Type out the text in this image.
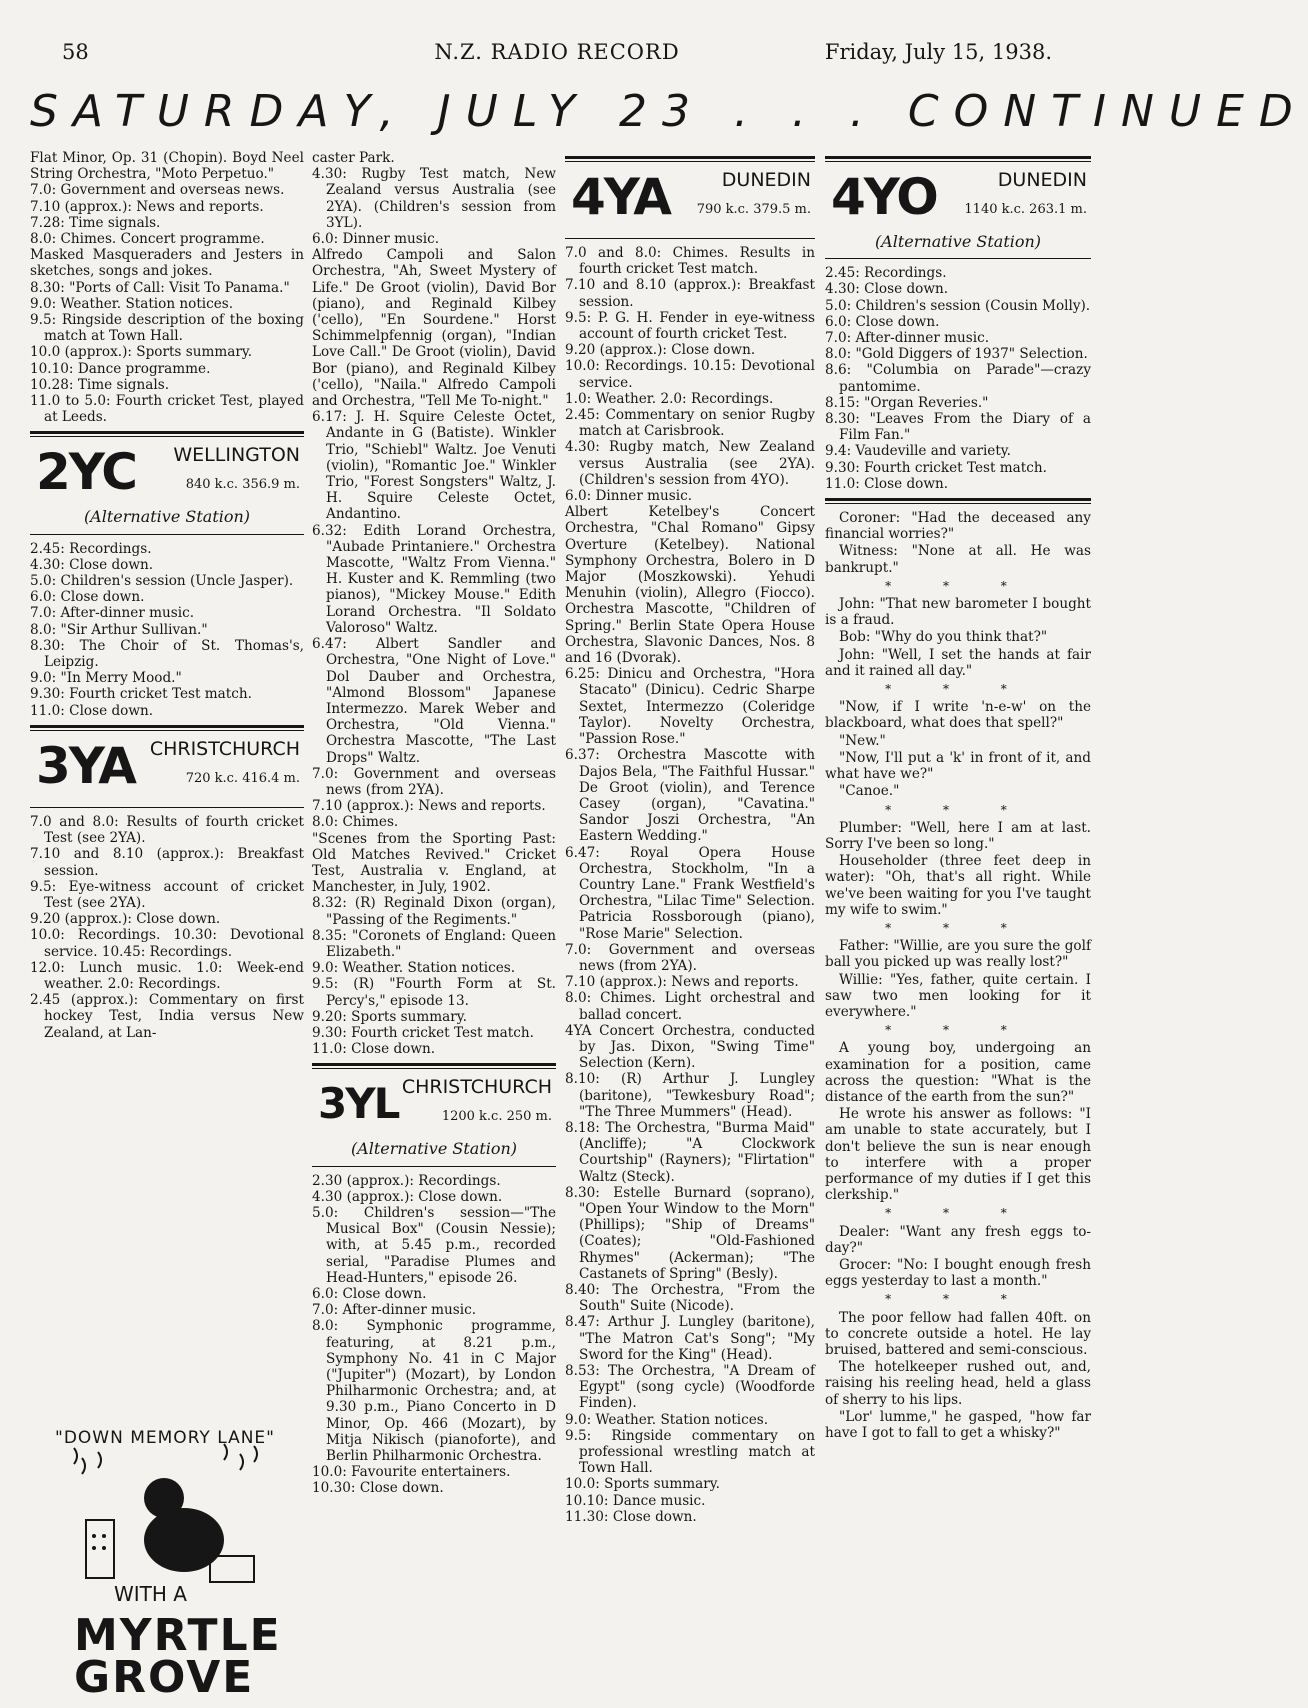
58	N.Z. RADIO RECORD	Friday, July 15, 1938.
SATURDAY, JULY 23 . . . CONTINUED

Flat Minor, Op. 31 (Chopin). Boyd Neel String Orchestra, "Moto Perpetuo."

7.0: Government and overseas news.

7.10 (approx.): News and reports.

7.28: Time signals.

8.0: Chimes. Concert programme.

Masked Masqueraders and Jesters in sketches, songs and jokes.

8.30: "Ports of Call: Visit To Panama."

9.0: Weather. Station notices.

9.5: Ringside description of the boxing match at Town Hall.

10.0 (approx.): Sports summary.

10.10: Dance programme.

10.28: Time signals.

11.0 to 5.0: Fourth cricket Test, played at Leeds.

2YC WELLINGTON
840 k.c. 356.9 m.
(Alternative Station)

2.45: Recordings.

4.30: Close down.

5.0: Children's session (Uncle Jasper).

6.0: Close down.

7.0: After-dinner music.

8.0: "Sir Arthur Sullivan."

8.30: The Choir of St. Thomas's, Leipzig.

9.0: "In Merry Mood."

9.30: Fourth cricket Test match.

11.0: Close down.

3YA CHRISTCHURCH
720 k.c. 416.4 m.

7.0 and 8.0: Results of fourth cricket Test (see 2YA).

7.10 and 8.10 (approx.): Breakfast session.

9.5: Eye-witness account of cricket Test (see 2YA).

9.20 (approx.): Close down.

10.0: Recordings. 10.30: Devotional service. 10.45: Recordings.

12.0: Lunch music. 1.0: Week-end weather. 2.0: Recordings.

2.45 (approx.): Commentary on first hockey Test, India versus New Zealand, at Lan-

"DOWN MEMORY LANE"
WITH A
MYRTLE
GROVE

caster Park.

4.30: Rugby Test match, New Zealand versus Australia (see 2YA). (Children's session from 3YL).

6.0: Dinner music.

Alfredo Campoli and Salon Orchestra, "Ah, Sweet Mystery of Life." De Groot (violin), David Bor (piano), and Reginald Kilbey ('cello), "En Sourdene." Horst Schimmelpfennig (organ), "Indian Love Call." De Groot (violin), David Bor (piano), and Reginald Kilbey ('cello), "Naila." Alfredo Campoli and Orchestra, "Tell Me To-night."

6.17: J. H. Squire Celeste Octet, Andante in G (Batiste). Winkler Trio, "Schiebl" Waltz. Joe Venuti (violin), "Romantic Joe." Winkler Trio, "Forest Songsters" Waltz, J. H. Squire Celeste Octet, Andantino.

6.32: Edith Lorand Orchestra, "Aubade Printaniere." Orchestra Mascotte, "Waltz From Vienna." H. Kuster and K. Remmling (two pianos), "Mickey Mouse." Edith Lorand Orchestra. "Il Soldato Valoroso" Waltz.

6.47: Albert Sandler and Orchestra, "One Night of Love." Dol Dauber and Orchestra, "Almond Blossom" Japanese Intermezzo. Marek Weber and Orchestra, "Old Vienna." Orchestra Mascotte, "The Last Drops" Waltz.

7.0: Government and overseas news (from 2YA).

7.10 (approx.): News and reports.

8.0: Chimes.

"Scenes from the Sporting Past: Old Matches Revived." Cricket Test, Australia v. England, at Manchester, in July, 1902.

8.32: (R) Reginald Dixon (organ), "Passing of the Regiments."

8.35: "Coronets of England: Queen Elizabeth."

9.0: Weather. Station notices.

9.5: (R) "Fourth Form at St. Percy's," episode 13.

9.20: Sports summary.

9.30: Fourth cricket Test match.

11.0: Close down.

3YL CHRISTCHURCH
1200 k.c. 250 m.
(Alternative Station)

2.30 (approx.): Recordings.

4.30 (approx.): Close down.

5.0: Children's session—"The Musical Box" (Cousin Nessie); with, at 5.45 p.m., recorded serial, "Paradise Plumes and Head-Hunters," episode 26.

6.0: Close down.

7.0: After-dinner music.

8.0: Symphonic programme, featuring, at 8.21 p.m., Symphony No. 41 in C Major ("Jupiter") (Mozart), by London Philharmonic Orchestra; and, at 9.30 p.m., Piano Concerto in D Minor, Op. 466 (Mozart), by Mitja Nikisch (pianoforte), and Berlin Philharmonic Orchestra.

10.0: Favourite entertainers.

10.30: Close down.

4YA	DUNEDIN
790 k.c. 379.5 m.

7.0 and 8.0: Chimes. Results in fourth cricket Test match.

7.10 and 8.10 (approx.): Breakfast session.

9.5: P. G. H. Fender in eye-witness account of fourth cricket Test.

9.20 (approx.): Close down.

10.0: Recordings. 10.15: Devotional service.

1.0: Weather. 2.0: Recordings.

2.45: Commentary on senior Rugby match at Carisbrook.

4.30: Rugby match, New Zealand versus Australia (see 2YA). (Children's session from 4YO).

6.0: Dinner music.

Albert Ketelbey's Concert Orchestra, "Chal Romano" Gipsy Overture (Ketelbey). National Symphony Orchestra, Bolero in D Major (Moszkowski). Yehudi Menuhin (violin), Allegro (Fiocco). Orchestra Mascotte, "Children of Spring." Berlin State Opera House Orchestra, Slavonic Dances, Nos. 8 and 16 (Dvorak).

6.25: Dinicu and Orchestra, "Hora Stacato" (Dinicu). Cedric Sharpe Sextet, Intermezzo (Coleridge Taylor). Novelty Orchestra, "Passion Rose."

6.37: Orchestra Mascotte with Dajos Bela, "The Faithful Hussar." De Groot (violin), and Terence Casey (organ), "Cavatina." Sandor Joszi Orchestra, "An Eastern Wedding."

6.47: Royal Opera House Orchestra, Stockholm, "In a Country Lane." Frank Westfield's Orchestra, "Lilac Time" Selection. Patricia Rossborough (piano), "Rose Marie" Selection.

7.0: Government and overseas news (from 2YA).

7.10 (approx.): News and reports.

8.0: Chimes. Light orchestral and ballad concert.

4YA Concert Orchestra, conducted by Jas. Dixon, "Swing Time" Selection (Kern).

8.10: (R) Arthur J. Lungley (baritone), "Tewkesbury Road"; "The Three Mummers" (Head).

8.18: The Orchestra, "Burma Maid" (Ancliffe); "A Clockwork Courtship" (Rayners); "Flirtation" Waltz (Steck).

8.30: Estelle Burnard (soprano), "Open Your Window to the Morn" (Phillips); "Ship of Dreams" (Coates); "Old-Fashioned Rhymes" (Ackerman); "The Castanets of Spring" (Besly).

8.40: The Orchestra, "From the South" Suite (Nicode).

8.47: Arthur J. Lungley (baritone), "The Matron Cat's Song"; "My Sword for the King" (Head).

8.53: The Orchestra, "A Dream of Egypt" (song cycle) (Woodforde Finden).

9.0: Weather. Station notices.

9.5: Ringside commentary on professional wrestling match at Town Hall.

10.0: Sports summary.

10.10: Dance music.

11.30: Close down.

4YO	DUNEDIN
1140 k.c. 263.1 m.
(Alternative Station)

2.45: Recordings.

4.30: Close down.

5.0: Children's session (Cousin Molly).

6.0: Close down.

7.0: After-dinner music.

8.0: "Gold Diggers of 1937" Selection.

8.6: "Columbia on Parade"—crazy pantomime.

8.15: "Organ Reveries."

8.30: "Leaves From the Diary of a Film Fan."

9.4: Vaudeville and variety.

9.30: Fourth cricket Test match.

11.0: Close down.

Coroner: "Had the deceased any financial worries?"

Witness: "None at all. He was bankrupt."

* * *

John: "That new barometer I bought is a fraud.

Bob: "Why do you think that?"

John: "Well, I set the hands at fair and it rained all day."

* * *

"Now, if I write 'n-e-w' on the blackboard, what does that spell?"

"New."

"Now, I'll put a 'k' in front of it, and what have we?"

"Canoe."

* * *

Plumber: "Well, here I am at last. Sorry I've been so long."

Householder (three feet deep in water): "Oh, that's all right. While we've been waiting for you I've taught my wife to swim."

* * *

Father: "Willie, are you sure the golf ball you picked up was really lost?"

Willie: "Yes, father, quite certain. I saw two men looking for it everywhere."

* * *

A young boy, undergoing an examination for a position, came across the question: "What is the distance of the earth from the sun?"

He wrote his answer as follows: "I am unable to state accurately, but I don't believe the sun is near enough to interfere with a proper performance of my duties if I get this clerkship."

* * *

Dealer: "Want any fresh eggs to-day?"

Grocer: "No: I bought enough fresh eggs yesterday to last a month."

* * *

The poor fellow had fallen 40ft. on to concrete outside a hotel. He lay bruised, battered and semi-conscious.

The hotelkeeper rushed out, and, raising his reeling head, held a glass of sherry to his lips.

"Lor' lumme," he gasped, "how far have I got to fall to get a whisky?"
